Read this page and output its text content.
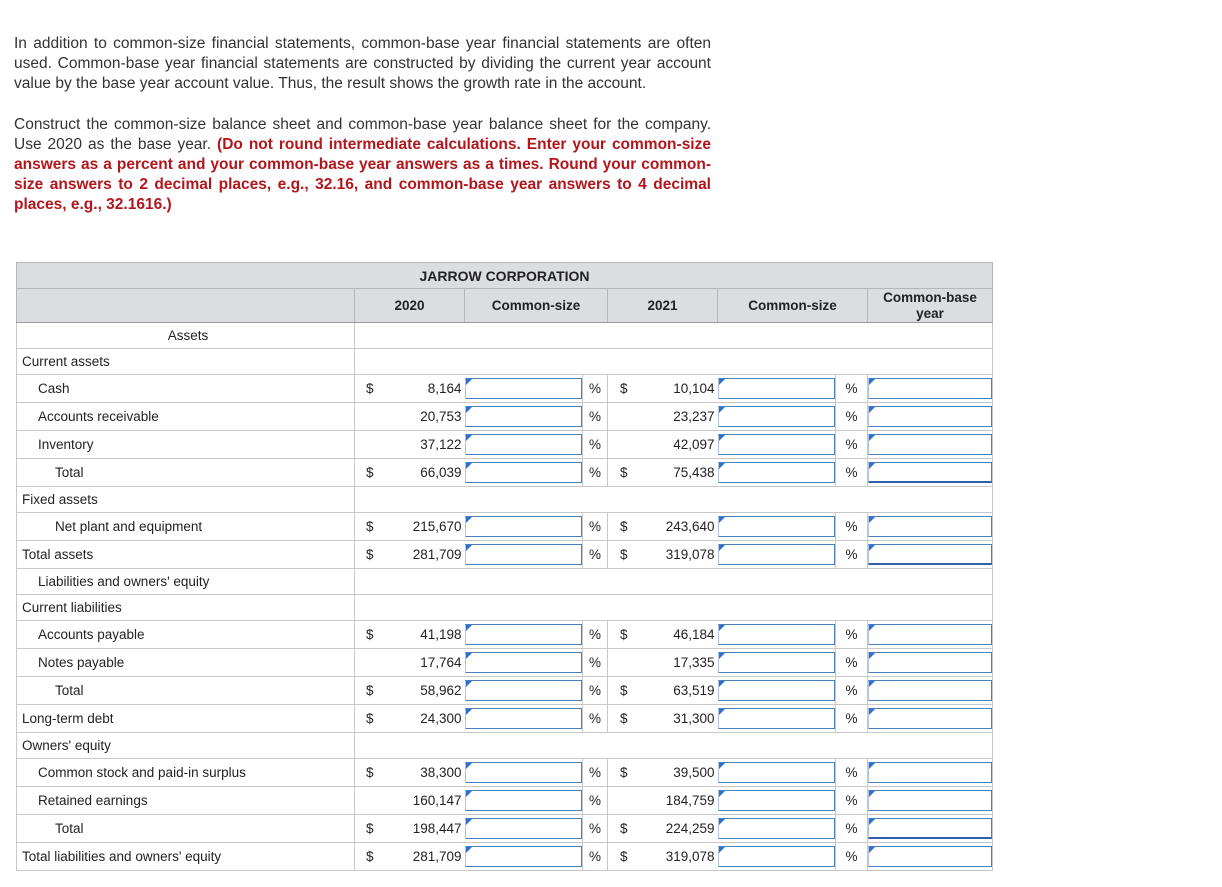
In addition to common-size financial statements, common-base year financial statements are often used. Common-base year financial statements are constructed by dividing the current year account value by the base year account value. Thus, the result shows the growth rate in the account.

Construct the common-size balance sheet and common-base year balance sheet for the company. Use 2020 as the base year. (Do not round intermediate calculations. Enter your common-size answers as a percent and your common-base year answers as a times. Round your common-size answers to 2 decimal places, e.g., 32.16, and common-base year answers to 4 decimal places, e.g., 32.1616.)

JARROW CORPORATION									
	2020		Common-size		2021		Common-size		Common-base year
Assets									
Current assets									
Cash	$	8,164		%	$	10,104		%	

Accounts receivable		20,753		%		23,237		%	

Inventory		37,122		%		42,097		%	

Total	$	66,039		%	$	75,438		%	

Fixed assets									
Net plant and equipment	$	215,670		%	$	243,640		%	

Total assets	$	281,709		%	$	319,078		%	

Liabilities and owners' equity									
Current liabilities									
Accounts payable	$	41,198		%	$	46,184		%	

Notes payable		17,764		%		17,335		%	

Total	$	58,962		%	$	63,519		%	

Long-term debt	$	24,300		%	$	31,300		%	

Owners' equity									
Common stock and paid-in surplus	$	38,300		%	$	39,500		%	

Retained earnings		160,147		%		184,759		%	

Total	$	198,447		%	$	224,259		%	

Total liabilities and owners' equity	$	281,709		%	$	319,078		%	
